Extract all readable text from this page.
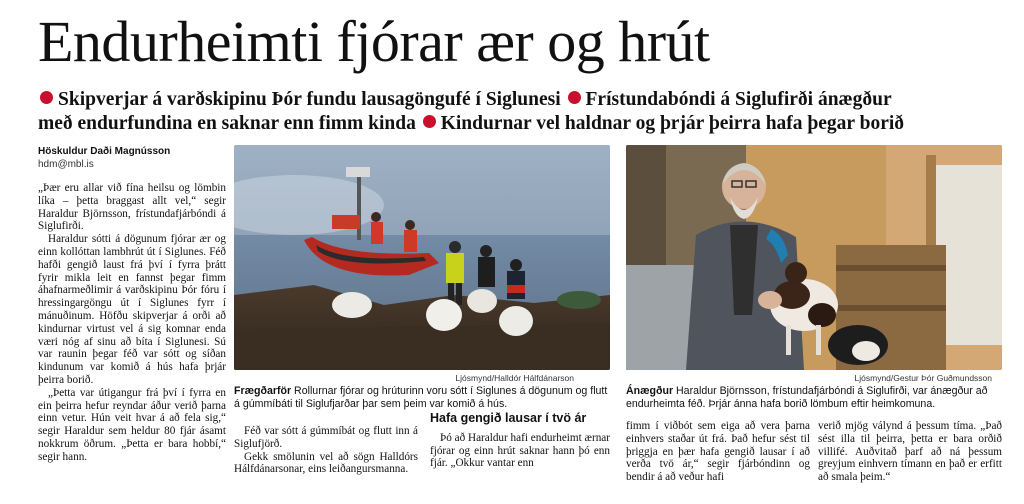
Endurheimti fjórar ær og hrút
Skipverjar á varðskipinu Þór fundu lausagöngufé í Siglunesi Frístundabóndi á Siglufirði ánægður
með endurfundina en saknar enn fimm kinda Kindurnar vel haldnar og þrjár þeirra hafa þegar borið
Höskuldur Daði Magnússon
hdm@mbl.is

„Þær eru allar við fína heilsu og lömbin líka – þetta braggast allt vel,“ segir Haraldur Björnsson, frístundafjárbóndi á Siglufirði.

Haraldur sótti á dögunum fjórar ær og einn kollóttan lambhrút út í Siglunes. Féð hafði gengið laust frá því í fyrra þrátt fyrir mikla leit en fannst þegar fimm áhafnarmeðlimir á varðskipinu Þór fóru í hressingargöngu út í Siglunes fyrr í mánuðinum. Höfðu skipverjar á orði að kindurnar virtust vel á sig komnar enda væri nóg af sinu að bíta í Siglunesi. Sú var raunin þegar féð var sótt og síðan kindunum var komið á hús hafa þrjár þeirra borið.

„Þetta var útigangur frá því í fyrra en ein þeirra hefur reyndar áður verið þarna einn vetur. Hún veit hvar á að fela sig,“ segir Haraldur sem heldur 80 fjár ásamt nokkrum öðrum. „Þetta er bara hobbí,“ segir hann.

Ljósmynd/Halldór Hálfdánarson	Ljósmynd/Gestur Þór Guðmundsson
Frægðarför Rollurnar fjórar og hrúturinn voru sótt í Siglunes á dögunum og flutt á gúmmíbáti til Siglufjarðar þar sem þeim var komið á hús.
Ánægður Haraldur Björnsson, frístundafjárbóndi á Siglufirði, var ánægður að endurheimta féð. Þrjár ánna hafa borið lömbum eftir heimkomuna.

Féð var sótt á gúmmíbát og flutt inn á Siglufjörð.

Gekk smölunin vel að sögn Halldórs Hálfdánarsonar, eins leiðangursmanna.

Hafa gengið lausar í tvö ár

Þó að Haraldur hafi endurheimt ærnar fjórar og einn hrút saknar hann þó enn fjár. „Okkur vantar enn

fimm í viðbót sem eiga að vera þarna einhvers staðar út frá. Það hefur sést til þriggja en þær hafa gengið lausar í að verða tvö ár,“ segir fjárbóndinn og bendir á að veður hafi

verið mjög válynd á þessum tíma. „Það sést illa til þeirra, þetta er bara orðið villifé. Auðvitað þarf að ná þessum greyjum einhvern tímann en það er erfitt að smala þeim.“
